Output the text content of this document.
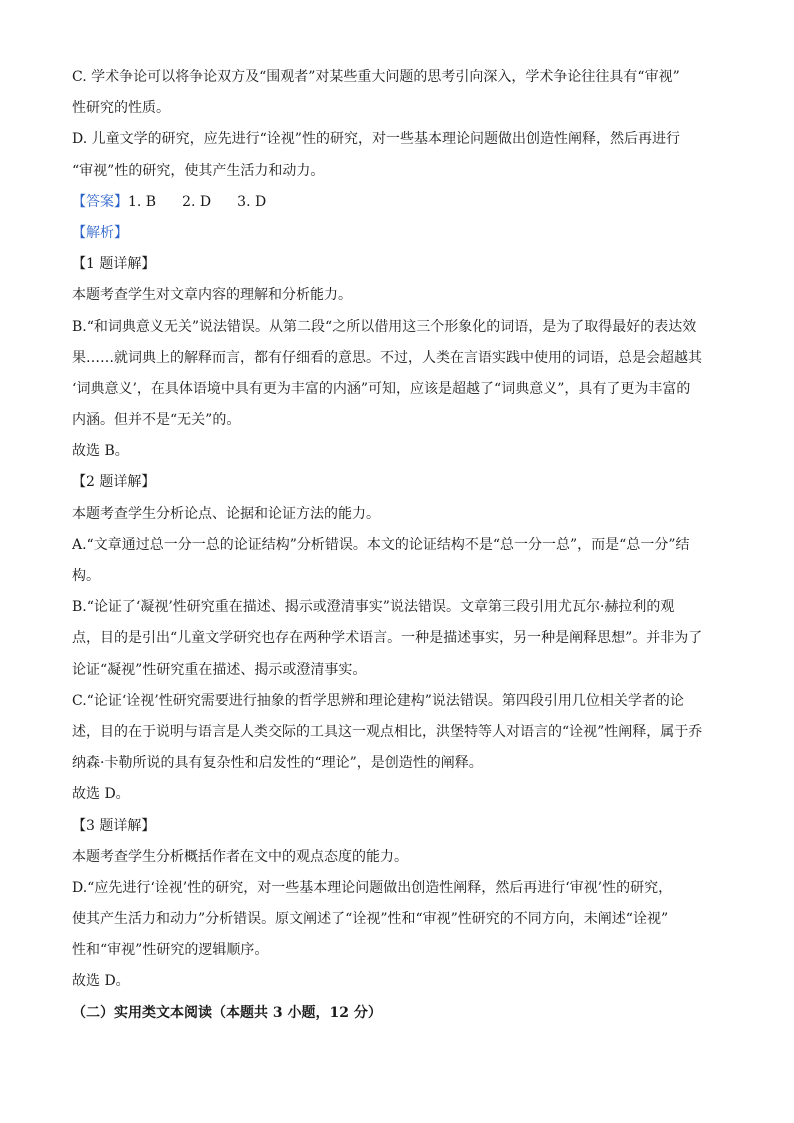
C. 学术争论可以将争论双方及“围观者”对某些重大问题的思考引向深入，学术争论往往具有“审视”
性研究的性质。
D. 儿童文学的研究，应先进行“诠视”性的研究，对一些基本理论问题做出创造性阐释，然后再进行
“审视”性的研究，使其产生活力和动力。
【答案】1. B 2. D 3. D
【解析】
【1 题详解】
本题考查学生对文章内容的理解和分析能力。
B.“和词典意义无关”说法错误。从第二段“之所以借用这三个形象化的词语，是为了取得最好的表达效
果……就词典上的解释而言，都有仔细看的意思。不过，人类在言语实践中使用的词语，总是会超越其
‘词典意义’，在具体语境中具有更为丰富的内涵”可知，应该是超越了“词典意义”，具有了更为丰富的
内涵。但并不是“无关”的。
故选 B。
【2 题详解】
本题考查学生分析论点、论据和论证方法的能力。
A.“文章通过总一分一总的论证结构”分析错误。本文的论证结构不是“总一分一总”，而是“总一分”结
构。
B.“论证了‘凝视’性研究重在描述、揭示或澄清事实”说法错误。文章第三段引用尤瓦尔·赫拉利的观
点，目的是引出“儿童文学研究也存在两种学术语言。一种是描述事实，另一种是阐释思想”。并非为了
论证“凝视”性研究重在描述、揭示或澄清事实。
C.“论证‘诠视’性研究需要进行抽象的哲学思辨和理论建构”说法错误。第四段引用几位相关学者的论
述，目的在于说明与语言是人类交际的工具这一观点相比，洪堡特等人对语言的“诠视”性阐释，属于乔
纳森·卡勒所说的具有复杂性和启发性的“理论”，是创造性的阐释。
故选 D。
【3 题详解】
本题考查学生分析概括作者在文中的观点态度的能力。
D.“应先进行‘诠视’性的研究，对一些基本理论问题做出创造性阐释，然后再进行‘审视’性的研究，
使其产生活力和动力”分析错误。原文阐述了“诠视”性和“审视”性研究的不同方向，未阐述“诠视”
性和“审视”性研究的逻辑顺序。
故选 D。
（二）实用类文本阅读（本题共 3 小题，12 分）
